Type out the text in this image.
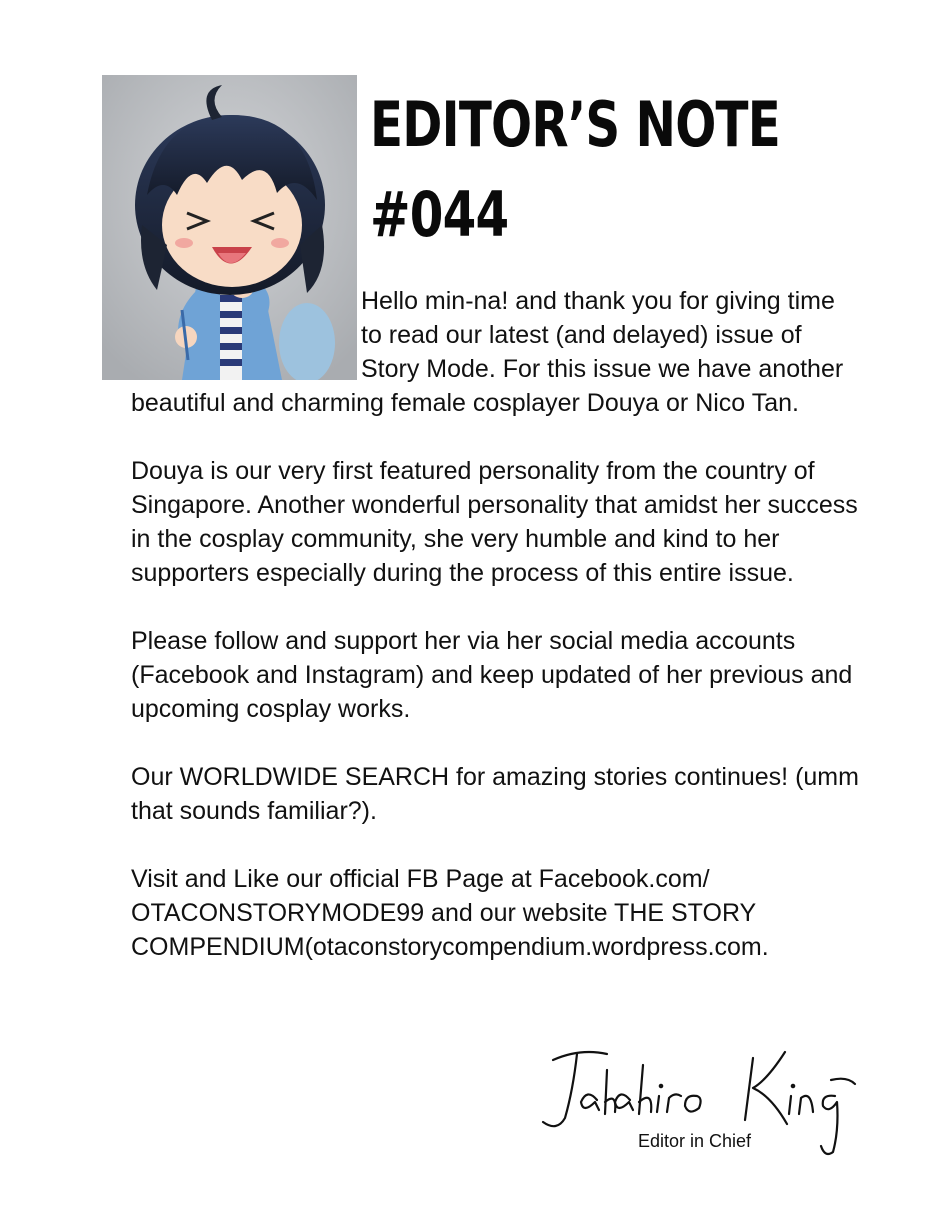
EDITOR’S NOTE
#044

Hello min-na! and thank you for giving time to read our latest (and delayed) issue of Story Mode. For this issue we have another beautiful and charming female cosplayer Douya or Nico Tan.

Douya is our very first featured personality from the country of Singapore. Another wonderful personality that amidst her success in the cosplay community, she very humble and kind to her supporters especially during the process of this entire issue.

Please follow and support her via her social media accounts (Facebook and Instagram) and keep updated of her previous and upcoming cosplay works.

Our WORLDWIDE SEARCH for amazing stories continues! (umm that sounds familiar?).

Visit and Like our official FB Page at Facebook.com/ OTACONSTORYMODE99 and our website THE STORY COMPENDIUM(otaconstorycompendium.wordpress.com.

Editor in Chief
